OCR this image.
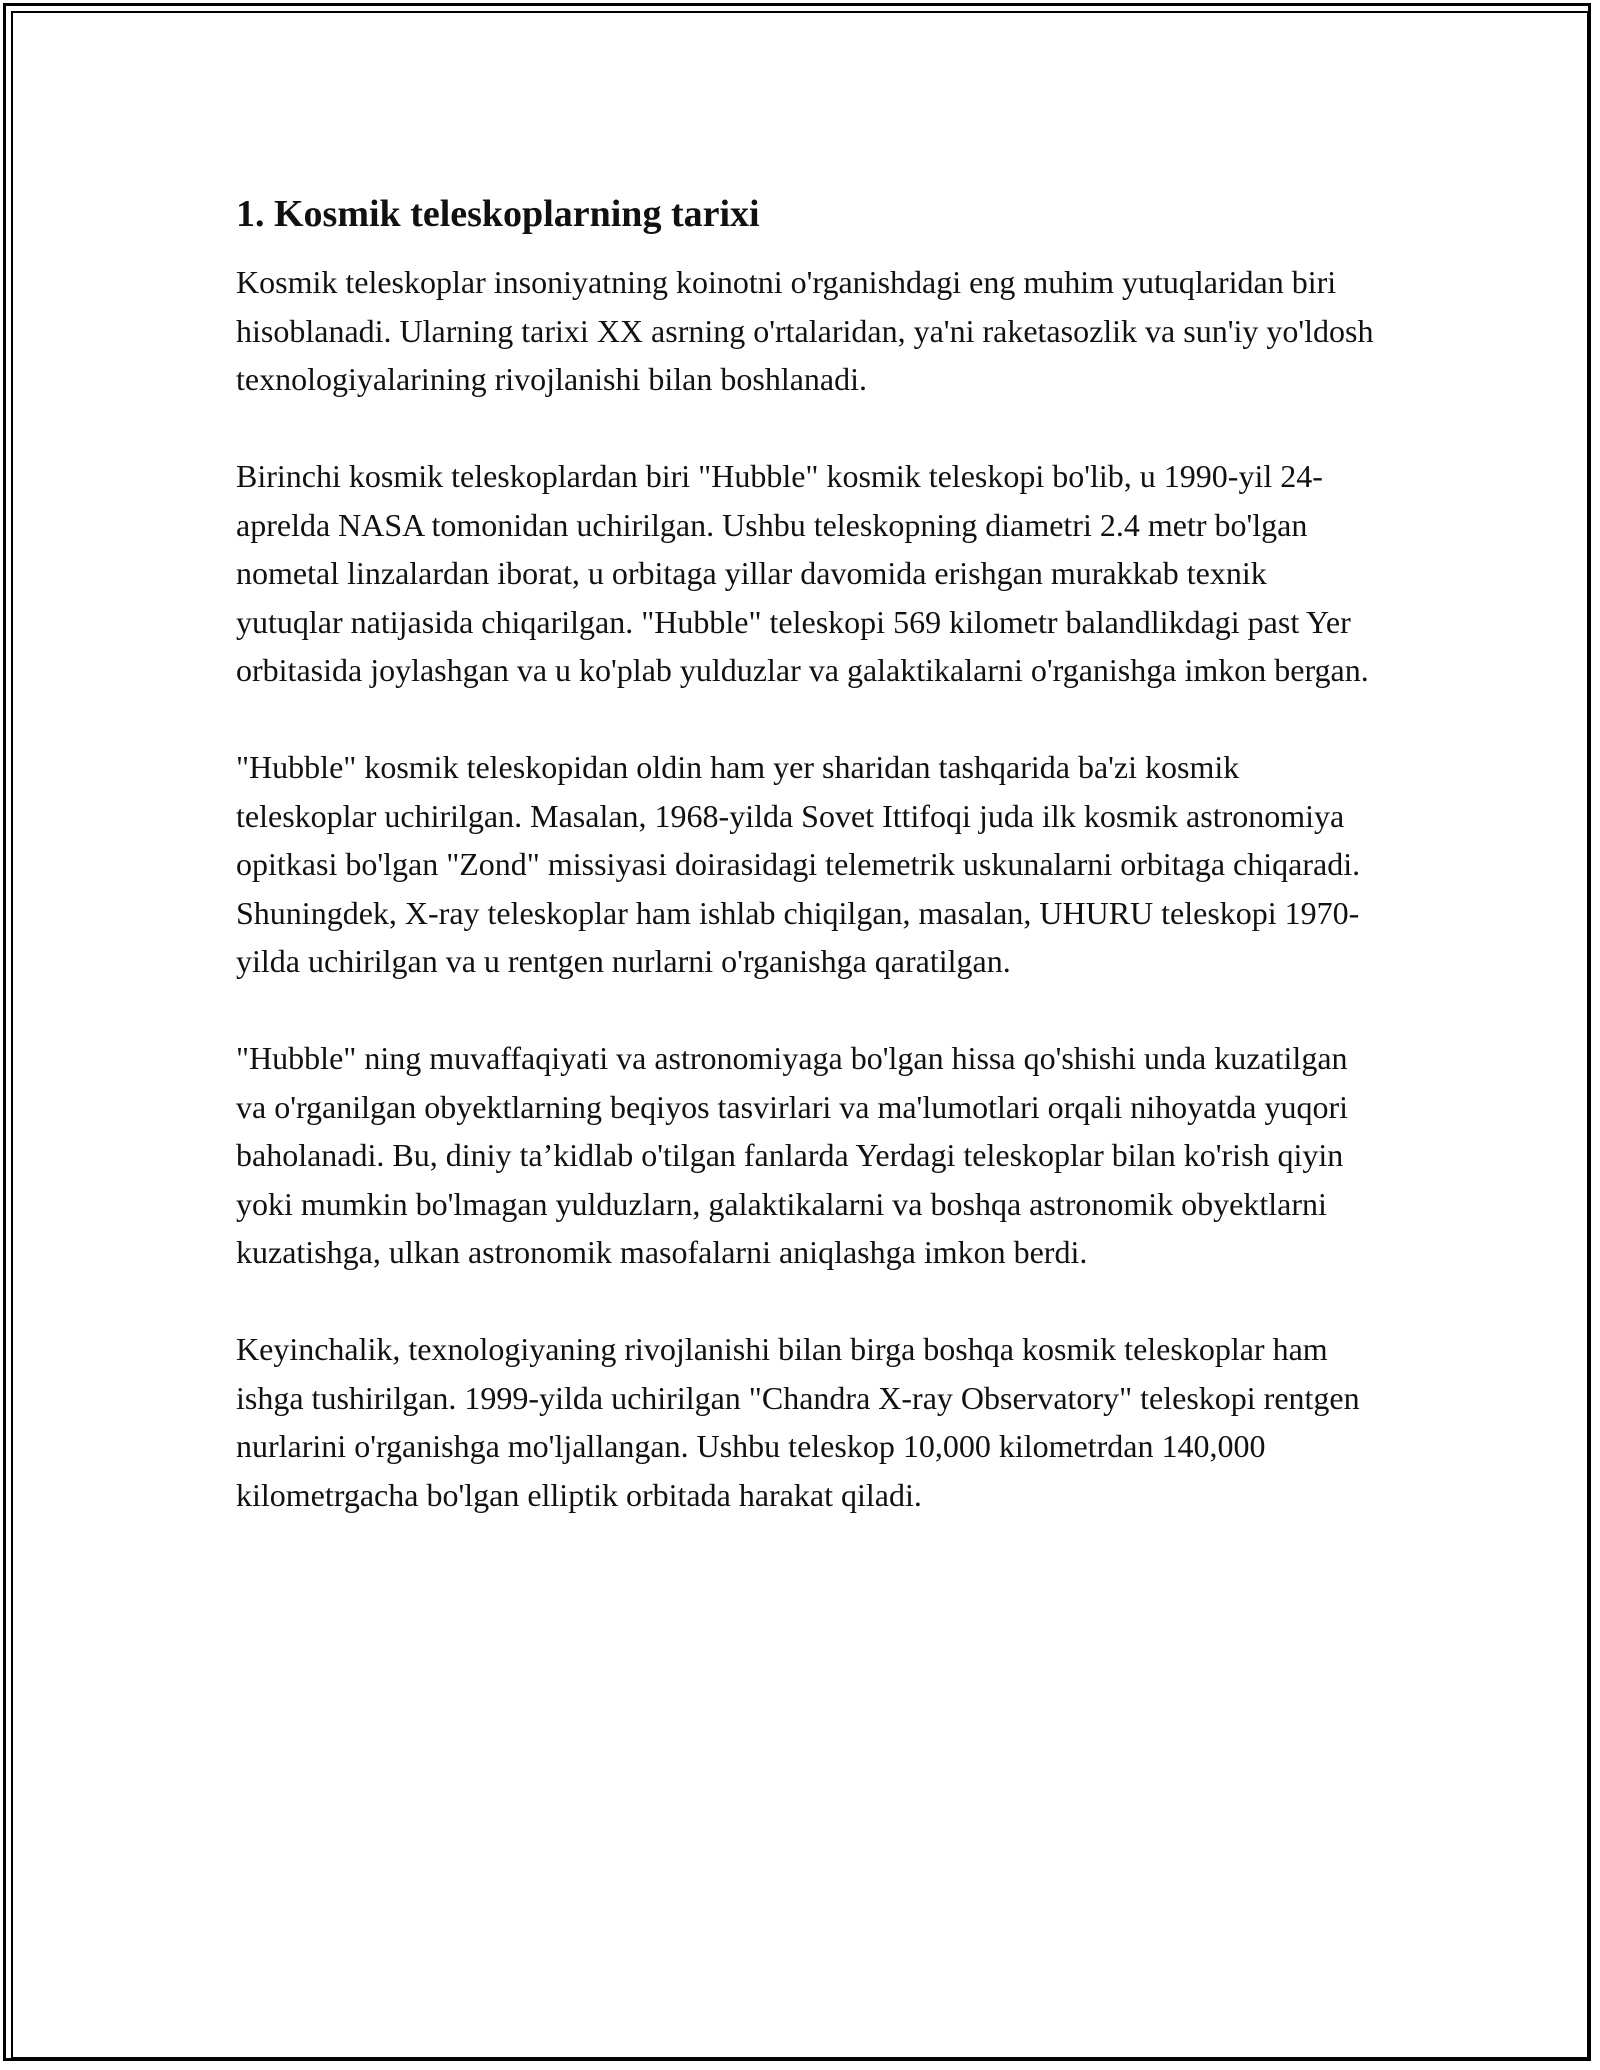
1. Kosmik teleskoplarning tarixi

Kosmik teleskoplar insoniyatning koinotni o'rganishdagi eng muhim yutuqlaridan biri hisoblanadi. Ularning tarixi XX asrning o'rtalaridan, ya'ni raketasozlik va sun'iy yo'ldosh texnologiyalarining rivojlanishi bilan boshlanadi.

Birinchi kosmik teleskoplardan biri "Hubble" kosmik teleskopi bo'lib, u 1990-yil 24-aprelda NASA tomonidan uchirilgan. Ushbu teleskopning diametri 2.4 metr bo'lgan nometal linzalardan iborat, u orbitaga yillar davomida erishgan murakkab texnik yutuqlar natijasida chiqarilgan. "Hubble" teleskopi 569 kilometr balandlikdagi past Yer orbitasida joylashgan va u ko'plab yulduzlar va galaktikalarni o'rganishga imkon bergan.

"Hubble" kosmik teleskopidan oldin ham yer sharidan tashqarida ba'zi kosmik teleskoplar uchirilgan. Masalan, 1968-yilda Sovet Ittifoqi juda ilk kosmik astronomiya opitkasi bo'lgan "Zond" missiyasi doirasidagi telemetrik uskunalarni orbitaga chiqaradi. Shuningdek, X-ray teleskoplar ham ishlab chiqilgan, masalan, UHURU teleskopi 1970-yilda uchirilgan va u rentgen nurlarni o'rganishga qaratilgan.

"Hubble" ning muvaffaqiyati va astronomiyaga bo'lgan hissa qo'shishi unda kuzatilgan va o'rganilgan obyektlarning beqiyos tasvirlari va ma'lumotlari orqali nihoyatda yuqori baholanadi. Bu, diniy ta’kidlab o'tilgan fanlarda Yerdagi teleskoplar bilan ko'rish qiyin yoki mumkin bo'lmagan yulduzlarn, galaktikalarni va boshqa astronomik obyektlarni kuzatishga, ulkan astronomik masofalarni aniqlashga imkon berdi.

Keyinchalik, texnologiyaning rivojlanishi bilan birga boshqa kosmik teleskoplar ham ishga tushirilgan. 1999-yilda uchirilgan "Chandra X-ray Observatory" teleskopi rentgen nurlarini o'rganishga mo'ljallangan. Ushbu teleskop 10,000 kilometrdan 140,000 kilometrgacha bo'lgan elliptik orbitada harakat qiladi.
